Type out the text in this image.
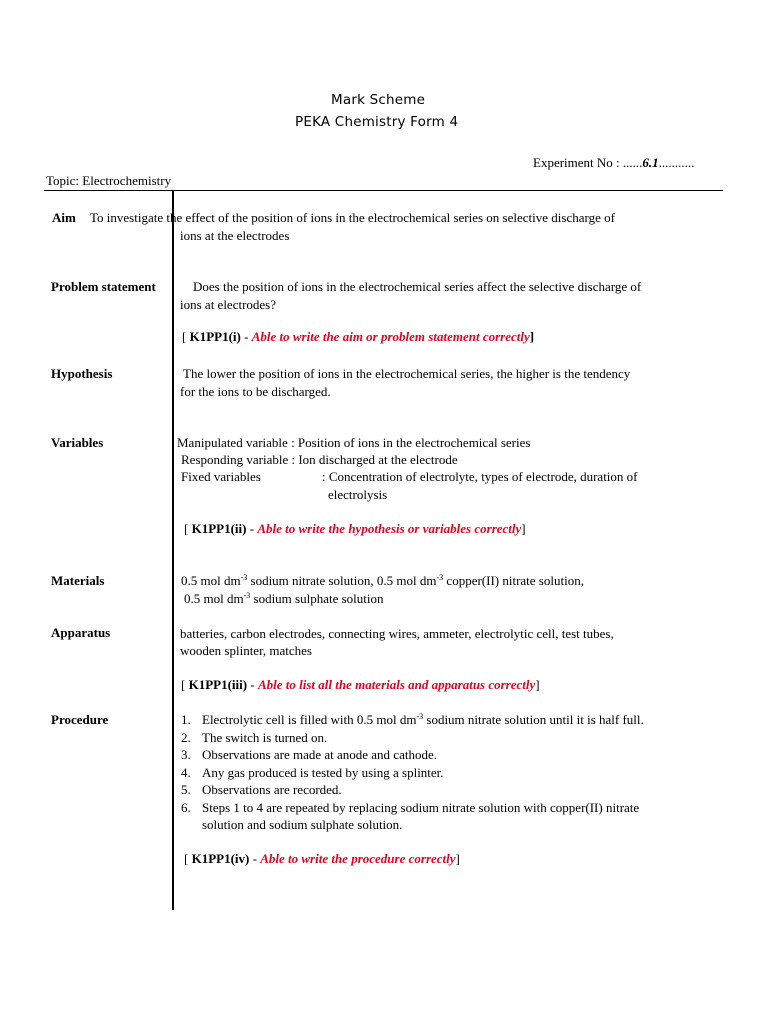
Mark Scheme
PEKA Chemistry Form 4
Experiment No : ......6.1...........
Topic: Electrochemistry
Aim To investigate the effect of the position of ions in the electrochemical series on selective discharge of
ions at the electrodes
Problem statement	Does the position of ions in the electrochemical series affect the selective discharge of
ions at electrodes?
[ K1PP1(i) - Able to write the aim or problem statement correctly]
Hypothesis	The lower the position of ions in the electrochemical series, the higher is the tendency
for the ions to be discharged.
Variables	Manipulated variable : Position of ions in the electrochemical series
Responding variable : Ion discharged at the electrode
Fixed variables	: Concentration of electrolyte, types of electrode, duration of
electrolysis
[ K1PP1(ii) - Able to write the hypothesis or variables correctly]
Materials	0.5 mol $dm^{-3}$ sodium nitrate solution, 0.5 mol $dm^{-3}$ copper(II) nitrate solution,
0.5 mol $dm^{-3}$ sodium sulphate solution
Apparatus	batteries, carbon electrodes, connecting wires, ammeter, electrolytic cell, test tubes,
wooden splinter, matches
[ K1PP1(iii) - Able to list all the materials and apparatus correctly]
Procedure	1. Electrolytic cell is filled with 0.5 mol $dm^{-3}$ sodium nitrate solution until it is half full.
2. The switch is turned on.
3. Observations are made at anode and cathode.
4. Any gas produced is tested by using a splinter.
5. Observations are recorded.
6. Steps 1 to 4 are repeated by replacing sodium nitrate solution with copper(II) nitrate
solution and sodium sulphate solution.
[ K1PP1(iv) - Able to write the procedure correctly]
